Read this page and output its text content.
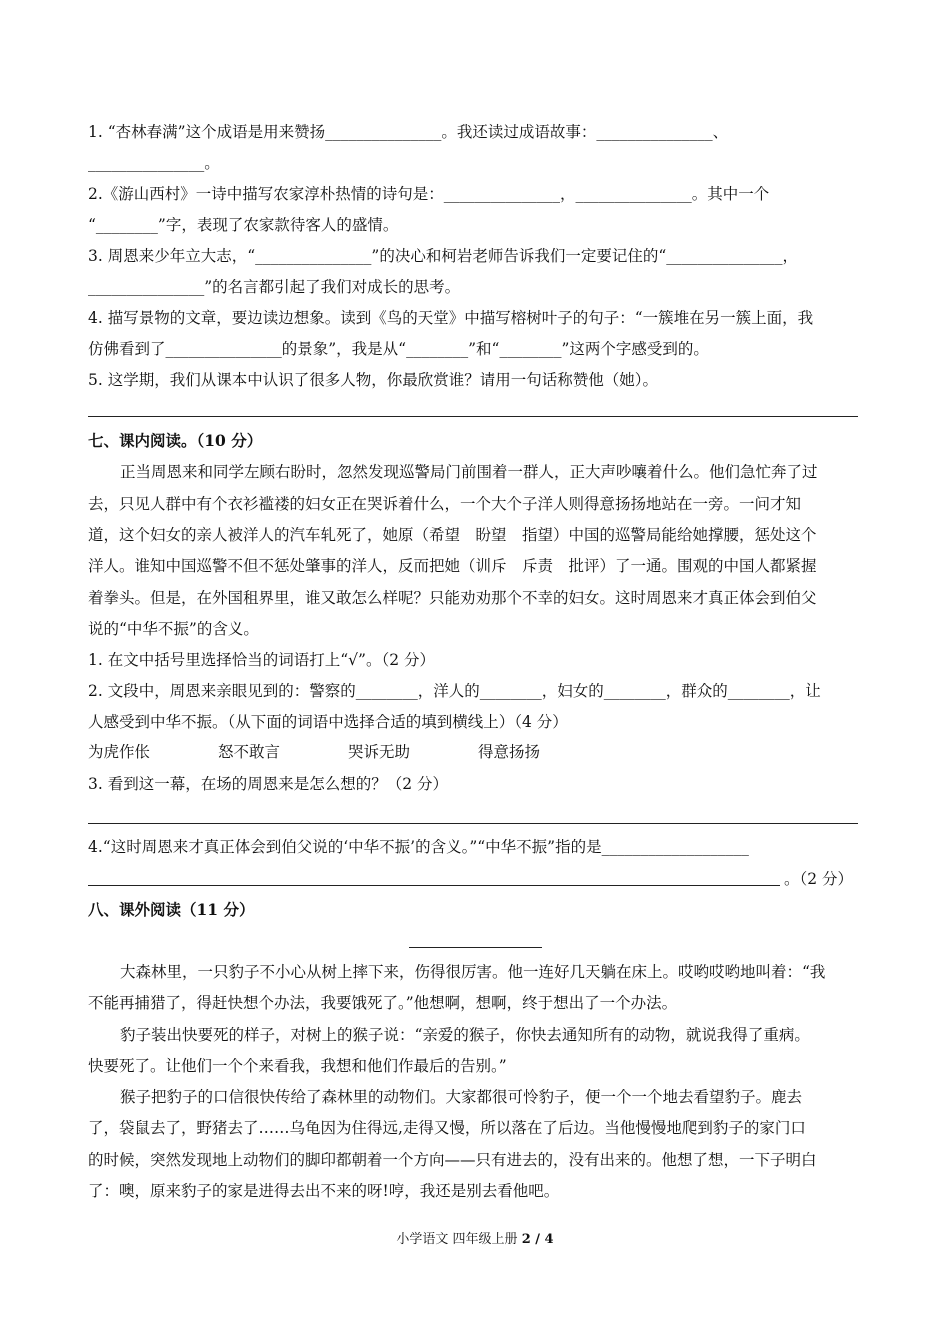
1. “杏林春满”这个成语是用来赞扬_______________。我还读过成语故事：_______________、
_______________。
2.《游山西村》一诗中描写农家淳朴热情的诗句是：_______________，_______________。其中一个
“________”字，表现了农家款待客人的盛情。
3. 周恩来少年立大志，“_______________”的决心和柯岩老师告诉我们一定要记住的“_______________，
_______________”的名言都引起了我们对成长的思考。
4. 描写景物的文章，要边读边想象。读到《鸟的天堂》中描写榕树叶子的句子：“一簇堆在另一簇上面，我
仿佛看到了_______________的景象”，我是从“________”和“________”这两个字感受到的。
5. 这学期，我们从课本中认识了很多人物，你最欣赏谁？请用一句话称赞他（她）。
七、课内阅读。（10 分）
正当周恩来和同学左顾右盼时，忽然发现巡警局门前围着一群人，正大声吵嚷着什么。他们急忙奔了过
去，只见人群中有个衣衫褴褛的妇女正在哭诉着什么，一个大个子洋人则得意扬扬地站在一旁。一问才知
道，这个妇女的亲人被洋人的汽车轧死了，她原（希望　盼望　指望）中国的巡警局能给她撑腰，惩处这个
洋人。谁知中国巡警不但不惩处肇事的洋人，反而把她（训斥　斥责　批评）了一通。围观的中国人都紧握
着拳头。但是，在外国租界里，谁又敢怎么样呢？只能劝劝那个不幸的妇女。这时周恩来才真正体会到伯父
说的“中华不振”的含义。
1. 在文中括号里选择恰当的词语打上“√”。（2 分）
2. 文段中，周恩来亲眼见到的：警察的________，洋人的________，妇女的________，群众的________，让
人感受到中华不振。（从下面的词语中选择合适的填到横线上）（4 分）
为虎作伥	怒不敢言	哭诉无助	得意扬扬
3. 看到这一幕，在场的周恩来是怎么想的？（2 分）
4.“这时周恩来才真正体会到伯父说的‘中华不振’的含义。”“中华不振”指的是___________________
。（2 分）
八、课外阅读（11 分）
大森林里，一只豹子不小心从树上摔下来，伤得很厉害。他一连好几天躺在床上。哎哟哎哟地叫着：“我
不能再捕猎了，得赶快想个办法，我要饿死了。”他想啊，想啊，终于想出了一个办法。
豹子装出快要死的样子，对树上的猴子说：“亲爱的猴子，你快去通知所有的动物，就说我得了重病。
快要死了。让他们一个个来看我，我想和他们作最后的告别。”
猴子把豹子的口信很快传给了森林里的动物们。大家都很可怜豹子，便一个一个地去看望豹子。鹿去
了，袋鼠去了，野猪去了……乌龟因为住得远,走得又慢，所以落在了后边。当他慢慢地爬到豹子的家门口
的时候，突然发现地上动物们的脚印都朝着一个方向——只有进去的，没有出来的。他想了想，一下子明白
了：噢，原来豹子的家是进得去出不来的呀!哼，我还是别去看他吧。
小学语文 四年级上册 2 / 4
